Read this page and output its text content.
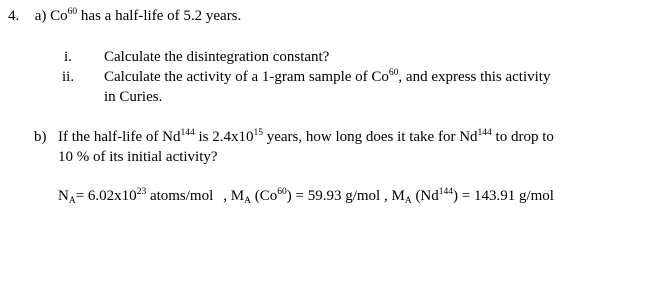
4. a) Co$^{60}$ has a half-life of 5.2 years.
i. Calculate the disintegration constant?
ii. Calculate the activity of a 1-gram sample of Co$^{60}$, and express this activity
in Curies.
b) If the half-life of Nd$^{144}$ is $2.4x10^{15}$ years, how long does it take for Nd$^{144}$ to drop to
10 % of its initial activity?
$N_A= 6.02x10^{23}$ atoms/mol , $M_A$ $(Co^{60}) = 59.93$ g/mol , $M_A$ $(Nd^{144}) = 143.91$ g/mol
